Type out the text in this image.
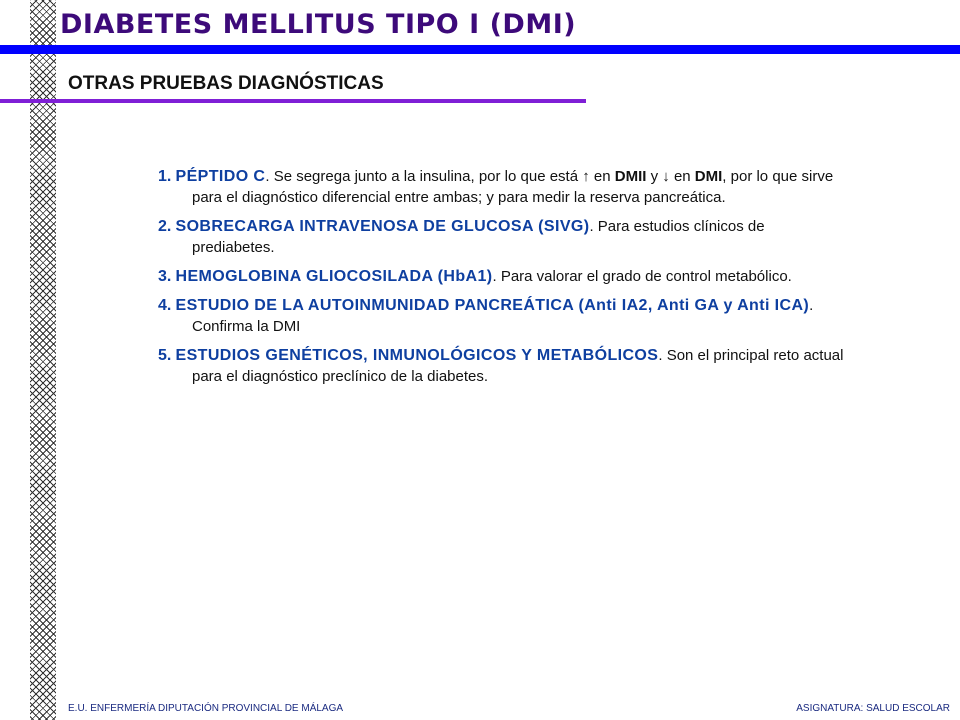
DIABETES MELLITUS TIPO I (DMI)
OTRAS PRUEBAS DIAGNÓSTICAS
1. PÉPTIDO C. Se segrega junto a la insulina, por lo que está ↑ en DMII y ↓ en DMI, por lo que sirve para el diagnóstico diferencial entre ambas; y para medir la reserva pancreática.
2. SOBRECARGA INTRAVENOSA DE GLUCOSA (SIVG). Para estudios clínicos de prediabetes.
3. HEMOGLOBINA GLIOCOSILADA (HbA1). Para valorar el grado de control metabólico.
4. ESTUDIO DE LA AUTOINMUNIDAD PANCREÁTICA (Anti IA2, Anti GA y Anti ICA). Confirma la DMI
5. ESTUDIOS GENÉTICOS, INMUNOLÓGICOS Y METABÓLICOS. Son el principal reto actual para el diagnóstico preclínico de la diabetes.
E.U. ENFERMERÍA DIPUTACIÓN PROVINCIAL DE MÁLAGA	ASIGNATURA: SALUD ESCOLAR
